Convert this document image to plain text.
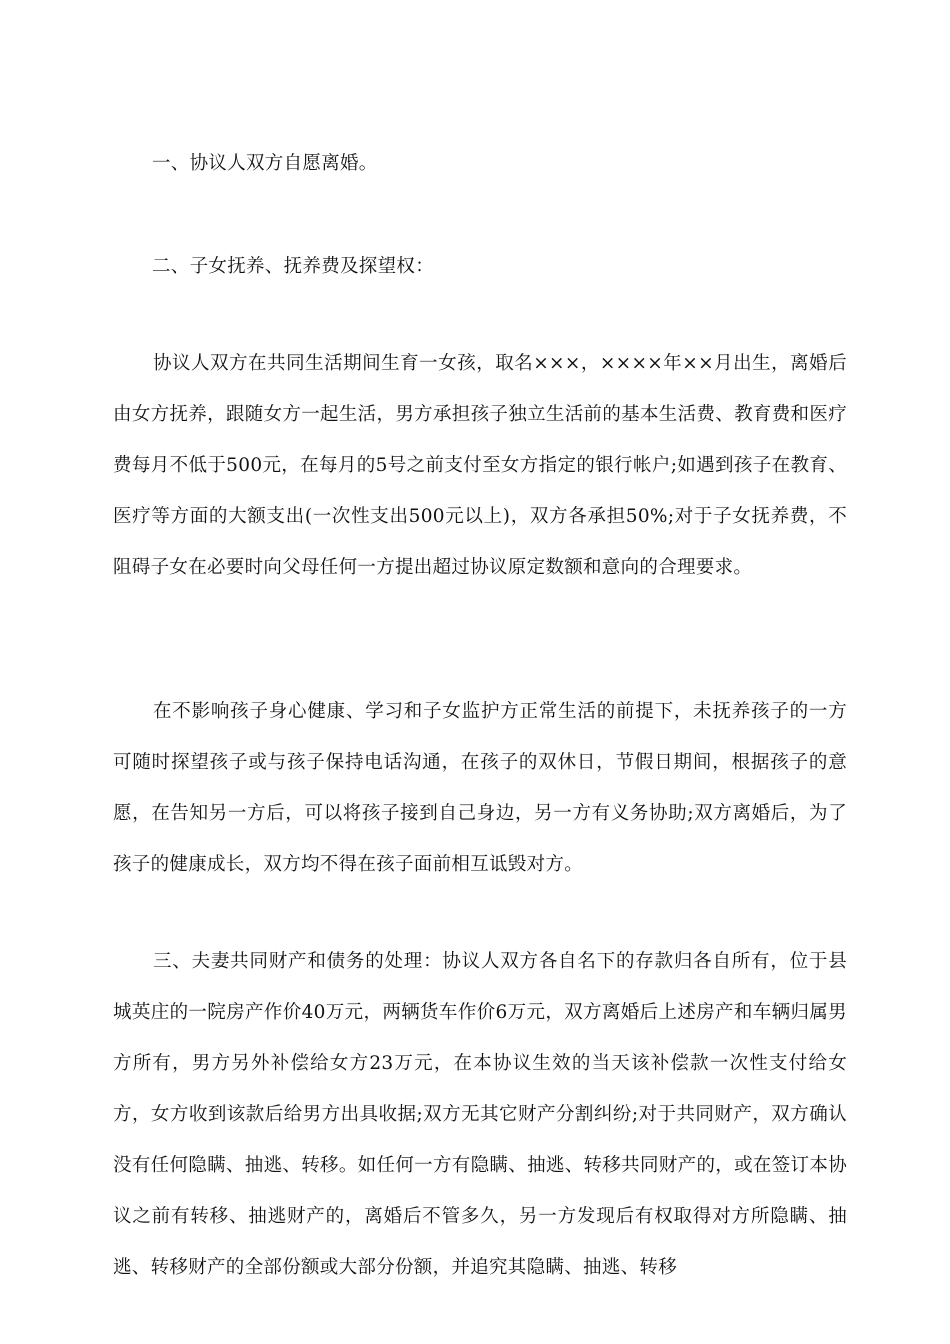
一、协议人双方自愿离婚。
二、子女抚养、抚养费及探望权：
协议人双方在共同生活期间生育一女孩，取名×××，××××年××月出生，离婚后由女方抚养，跟随女方一起生活，男方承担孩子独立生活前的基本生活费、教育费和医疗费每月不低于500元，在每月的5号之前支付至女方指定的银行帐户;如遇到孩子在教育、医疗等方面的大额支出(一次性支出500元以上)，双方各承担50%;对于子女抚养费，不阻碍子女在必要时向父母任何一方提出超过协议原定数额和意向的合理要求。
在不影响孩子身心健康、学习和子女监护方正常生活的前提下，未抚养孩子的一方可随时探望孩子或与孩子保持电话沟通，在孩子的双休日，节假日期间，根据孩子的意愿，在告知另一方后，可以将孩子接到自己身边，另一方有义务协助;双方离婚后，为了孩子的健康成长，双方均不得在孩子面前相互诋毁对方。
三、夫妻共同财产和债务的处理：协议人双方各自名下的存款归各自所有，位于县城英庄的一院房产作价40万元，两辆货车作价6万元，双方离婚后上述房产和车辆归属男方所有，男方另外补偿给女方23万元，在本协议生效的当天该补偿款一次性支付给女方，女方收到该款后给男方出具收据;双方无其它财产分割纠纷;对于共同财产，双方确认没有任何隐瞒、抽逃、转移。如任何一方有隐瞒、抽逃、转移共同财产的，或在签订本协议之前有转移、抽逃财产的，离婚后不管多久，另一方发现后有权取得对方所隐瞒、抽逃、转移财产的全部份额或大部分份额，并追究其隐瞒、抽逃、转移
